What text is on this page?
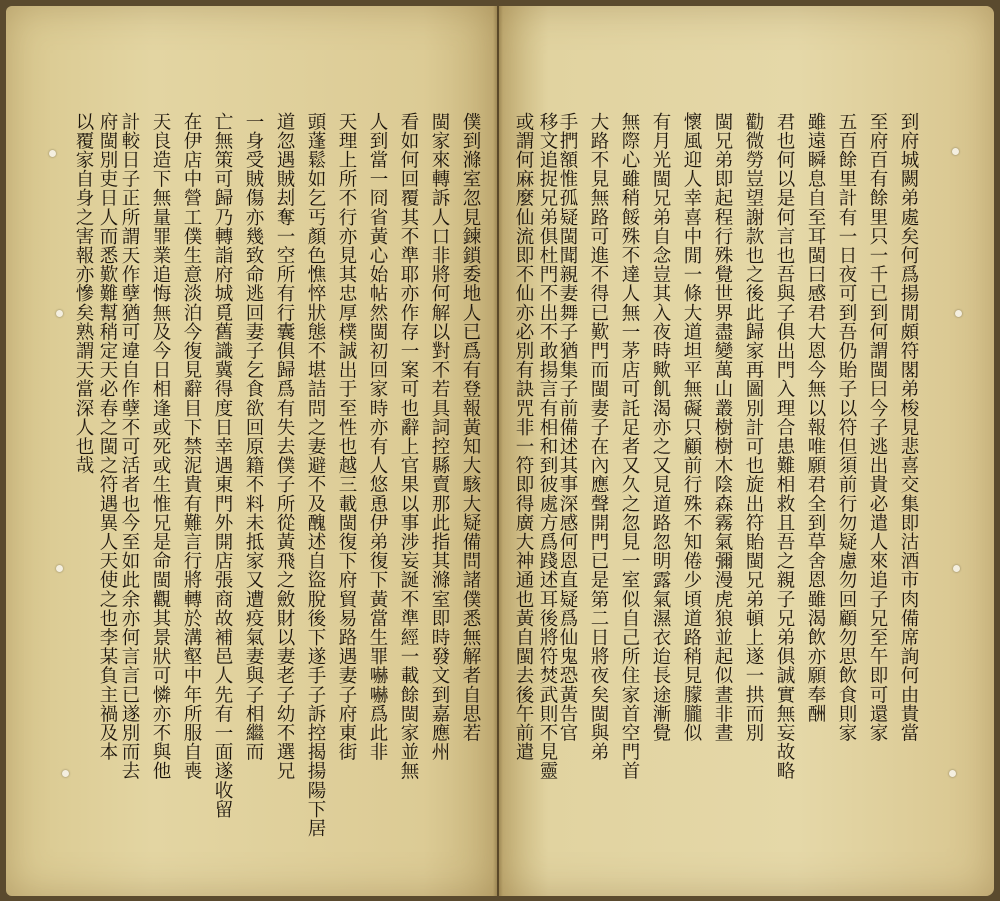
到府城闕弟處矣何爲揚閒頗符閣弟梭見悲喜交集即沽酒市肉備席詢何由貴當
至府百有餘里只一千已到何謂閩曰今子逃出貴必遣人來追子兄至午即可還家
五百餘里計有一日夜可到吾仍貽子以符但須前行勿疑慮勿回顧勿思飲食則家
雖遠瞬息自至耳閩曰感君大恩今無以報唯願君全到草舍恩雖渴飲亦願奉酬
君也何以是何言也吾與子俱出門入理合患難相救且吾之親子兄弟俱誠實無妄故略
勸微勞豈望謝款也之後此歸家再圖別計可也旋出符貽閩兄弟頓上遂一拱而別
閩兄弟即起程行殊覺世界盡變萬山叢樹樹木陰森霧氣彌漫虎狼並起似晝非晝
懷風迎人幸喜中閒一條大道坦平無礙只顧前行殊不知倦少頃道路稍見朦朧似
有月光閩兄弟自念豈其入夜時歟飢渴亦之又見道路忽明露氣濕衣迨長途漸覺
無際心雖稍餒殊不達人無一茅店可託足者又久之忽見一室似自己所住家首空門首
大路不見無路可進不得已歎門而閩妻子在內應聲開門已是第二日將夜矣閩與弟
手捫額惟孤疑閩聞親妻舞子猶集子前備述其事深感何恩直疑爲仙鬼恐黃告官
移文追捉兄弟俱杜門不出不敢揚言有相和到彼處方爲踐述耳後將符焚武則不見靈
或謂何麻麼仙流即不仙亦必別有訣咒非一符即得廣大神通也黃自閩去後午前遣
僕到滌室忽見鍊鎖委地人已爲有登報黃知大駭大疑備問諸僕悉無解者自思若
閩家來轉訴人口非將何解以對不若具詞控縣賣那此指其滌室即時發文到嘉應州
看如何回覆其不準耶亦作存一案可也辭上官果以事涉妄誕不準經一載餘閩家並無
人到當一冏省黃心始帖然閩初回家時亦有人悠恿伊弟復下黃當生罪嚇嚇爲此非
天理上所不行亦見其忠厚樸誠出于至性也越三載閩復下府貿易路遇妻子府東街
頭蓬鬆如乞丐顏色憔悴狀態不堪詰問之妻避不及醜述自盜脫後下遂手子訴控揭揚陽下居
道忽遇賊刦奪一空所有行囊俱歸爲有失去僕子所從黃飛之斂財以妻老子幼不選兄
一身受賊傷亦幾致命逃回妻子乞食欲回原籍不料未抵家又遭疫氣妻與子相繼而
亡無策可歸乃轉詣府城覓舊識冀得度日幸遇東門外開店張商故補邑人先有一面遂收留
在伊店中營工僕生意淡泊今復見辭目下禁泥貴有難言行將轉於溝壑中年所服自喪
天良造下無量罪業追悔無及今日相逢或死或生惟兄是命閩觀其景狀可憐亦不與他
計較日子正所謂天作孽猶可違自作孽不可活者也今至如此余亦何言言已遂別而去
府閩別吏日人而悉歎難幫稍定天必春之閩之符遇異人天使之也李某負主禍及本
以覆家自身之害報亦慘矣熟謂天當深人也哉
